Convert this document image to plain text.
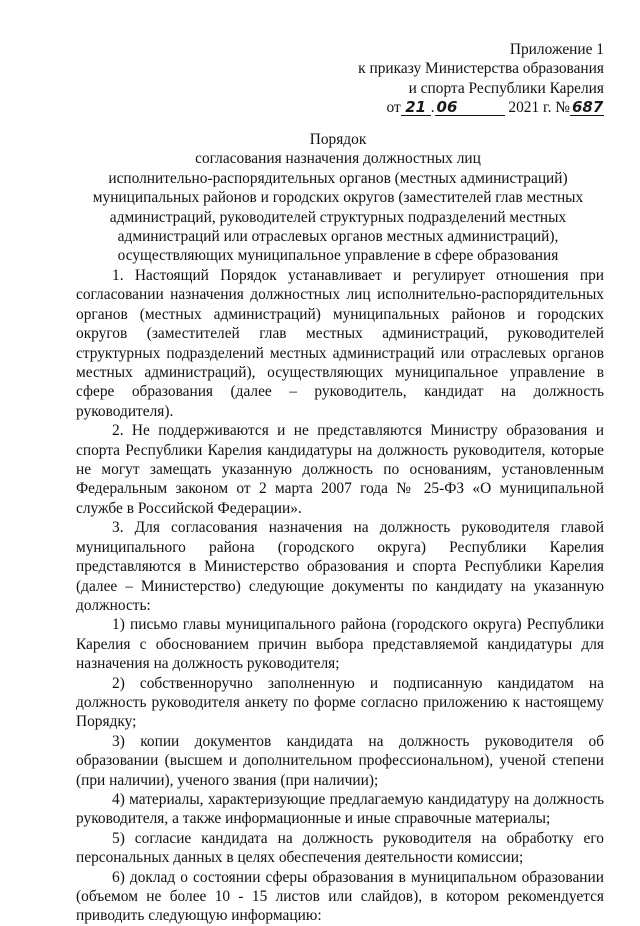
Приложение 1
к приказу Министерства образования
и спорта Республики Карелия
от 21 . 06	2021 г. № 687
Порядок
согласования назначения должностных лиц
исполнительно-распорядительных органов (местных администраций)
муниципальных районов и городских округов (заместителей глав местных
администраций, руководителей структурных подразделений местных
администраций или отраслевых органов местных администраций),
осуществляющих муниципальное управление в сфере образования

1. Настоящий Порядок устанавливает и регулирует отношения при согласовании назначения должностных лиц исполнительно-распорядительных органов (местных администраций) муниципальных районов и городских округов (заместителей глав местных администраций, руководителей структурных подразделений местных администраций или отраслевых органов местных администраций), осуществляющих муниципальное управление в сфере образования (далее – руководитель, кандидат на должность руководителя).

2. Не поддерживаются и не представляются Министру образования и спорта Республики Карелия кандидатуры на должность руководителя, которые не могут замещать указанную должность по основаниям, установленным Федеральным законом от 2 марта 2007 года № 25-ФЗ «О муниципальной службе в Российской Федерации».

3. Для согласования назначения на должность руководителя главой муниципального района (городского округа) Республики Карелия представляются в Министерство образования и спорта Республики Карелия (далее – Министерство) следующие документы по кандидату на указанную должность:

1) письмо главы муниципального района (городского округа) Республики Карелия с обоснованием причин выбора представляемой кандидатуры для назначения на должность руководителя;

2) собственноручно заполненную и подписанную кандидатом на должность руководителя анкету по форме согласно приложению к настоящему Порядку;

3) копии документов кандидата на должность руководителя об образовании (высшем и дополнительном профессиональном), ученой степени (при наличии), ученого звания (при наличии);

4) материалы, характеризующие предлагаемую кандидатуру на должность руководителя, а также информационные и иные справочные материалы;

5) согласие кандидата на должность руководителя на обработку его персональных данных в целях обеспечения деятельности комиссии;

6) доклад о состоянии сферы образования в муниципальном образовании (объемом не более 10 - 15 листов или слайдов), в котором рекомендуется приводить следующую информацию:
